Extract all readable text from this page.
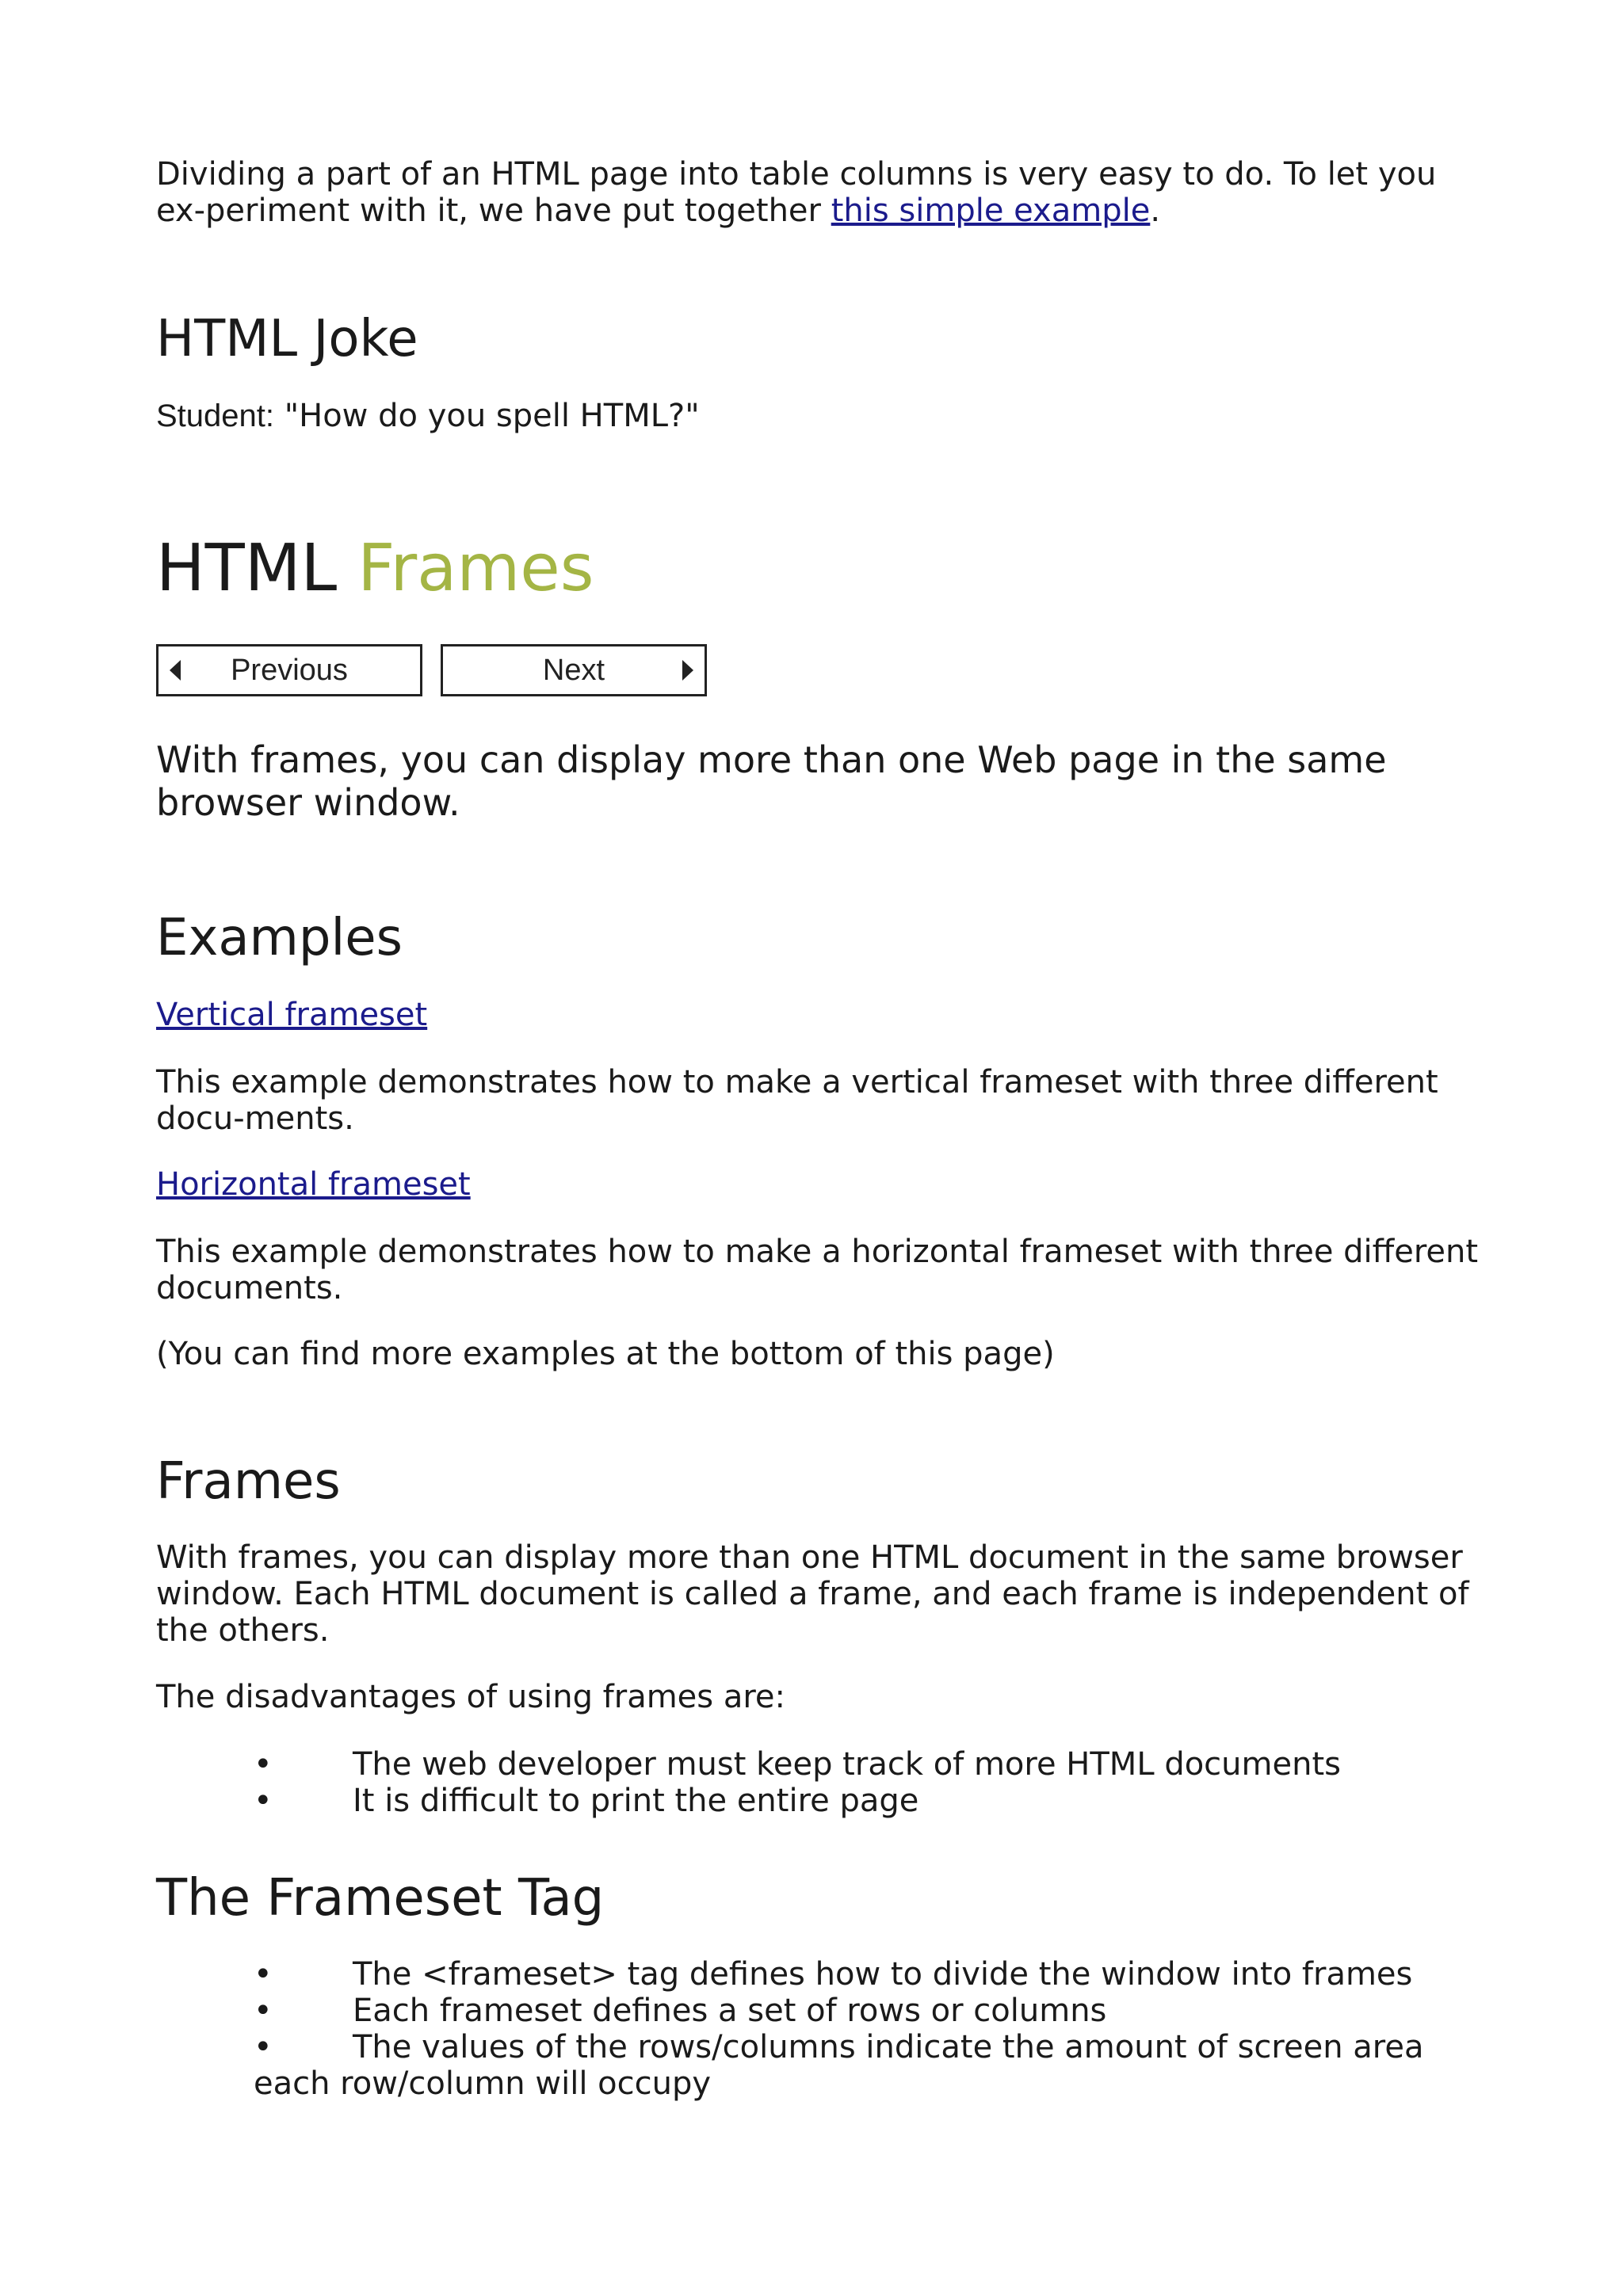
Dividing a part of an HTML page into table columns is very easy to do. To let you ex-periment with it, we have put together this simple example.

HTML Joke

Student: "How do you spell HTML?"

HTML Frames
Previous	Next

With frames, you can display more than one Web page in the same browser window.

Examples

Vertical frameset

This example demonstrates how to make a vertical frameset with three different docu-ments.

Horizontal frameset

This example demonstrates how to make a horizontal frameset with three different documents.

(You can find more examples at the bottom of this page)

Frames

With frames, you can display more than one HTML document in the same browser window. Each HTML document is called a frame, and each frame is independent of the others.

The disadvantages of using frames are:

•	The web developer must keep track of more HTML documents
•	It is difficult to print the entire page
The Frameset Tag
•	The <frameset> tag defines how to divide the window into frames
•	Each frameset defines a set of rows or columns
•	The values of the rows/columns indicate the amount of screen area each row/column will occupy
